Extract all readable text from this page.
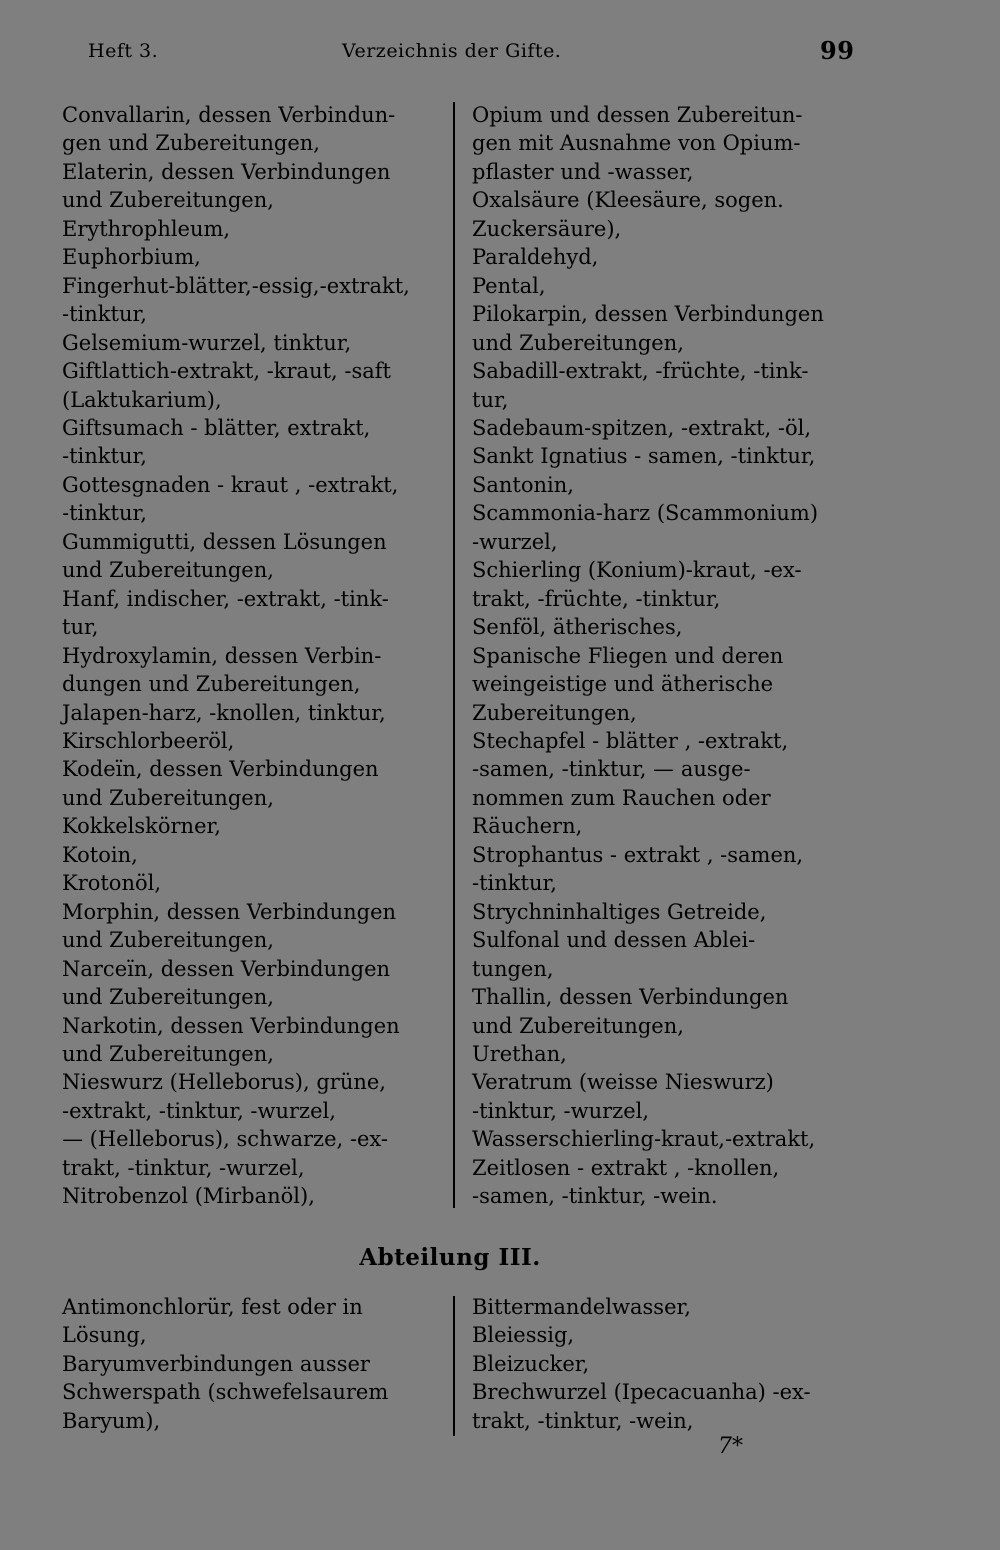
Heft 3.	Verzeichnis der Gifte.	99
Convallarin, dessen Verbindun-
gen und Zubereitungen,
Elaterin, dessen Verbindungen
und Zubereitungen,
Erythrophleum,
Euphorbium,
Fingerhut-blätter,-essig,-extrakt,
-tinktur,
Gelsemium-wurzel, tinktur,
Giftlattich-extrakt, -kraut, -saft
(Laktukarium),
Giftsumach - blätter, extrakt,
-tinktur,
Gottesgnaden - kraut , -extrakt,
-tinktur,
Gummigutti, dessen Lösungen
und Zubereitungen,
Hanf, indischer, -extrakt, -tink-
tur,
Hydroxylamin, dessen Verbin-
dungen und Zubereitungen,
Jalapen-harz, -knollen, tinktur,
Kirschlorbeeröl,
Kodeïn, dessen Verbindungen
und Zubereitungen,
Kokkelskörner,
Kotoin,
Krotonöl,
Morphin, dessen Verbindungen
und Zubereitungen,
Narceïn, dessen Verbindungen
und Zubereitungen,
Narkotin, dessen Verbindungen
und Zubereitungen,
Nieswurz (Helleborus), grüne,
-extrakt, -tinktur, -wurzel,
— (Helleborus), schwarze, -ex-
trakt, -tinktur, -wurzel,
Nitrobenzol (Mirbanöl),
Opium und dessen Zubereitun-
gen mit Ausnahme von Opium-
pflaster und -wasser,
Oxalsäure (Kleesäure, sogen.
Zuckersäure),
Paraldehyd,
Pental,
Pilokarpin, dessen Verbindungen
und Zubereitungen,
Sabadill-extrakt, -früchte, -tink-
tur,
Sadebaum-spitzen, -extrakt, -öl,
Sankt Ignatius - samen, -tinktur,
Santonin,
Scammonia-harz (Scammonium)
-wurzel,
Schierling (Konium)-kraut, -ex-
trakt, -früchte, -tinktur,
Senföl, ätherisches,
Spanische Fliegen und deren
weingeistige und ätherische
Zubereitungen,
Stechapfel - blätter , -extrakt,
-samen, -tinktur, — ausge-
nommen zum Rauchen oder
Räuchern,
Strophantus - extrakt , -samen,
-tinktur,
Strychninhaltiges Getreide,
Sulfonal und dessen Ablei-
tungen,
Thallin, dessen Verbindungen
und Zubereitungen,
Urethan,
Veratrum (weisse Nieswurz)
-tinktur, -wurzel,
Wasserschierling-kraut,-extrakt,
Zeitlosen - extrakt , -knollen,
-samen, -tinktur, -wein.
Abteilung III.
Antimonchlorür, fest oder in
Lösung,
Baryumverbindungen ausser
Schwerspath (schwefelsaurem
Baryum),
Bittermandelwasser,
Bleiessig,
Bleizucker,
Brechwurzel (Ipecacuanha) -ex-
trakt, -tinktur, -wein,
7*
